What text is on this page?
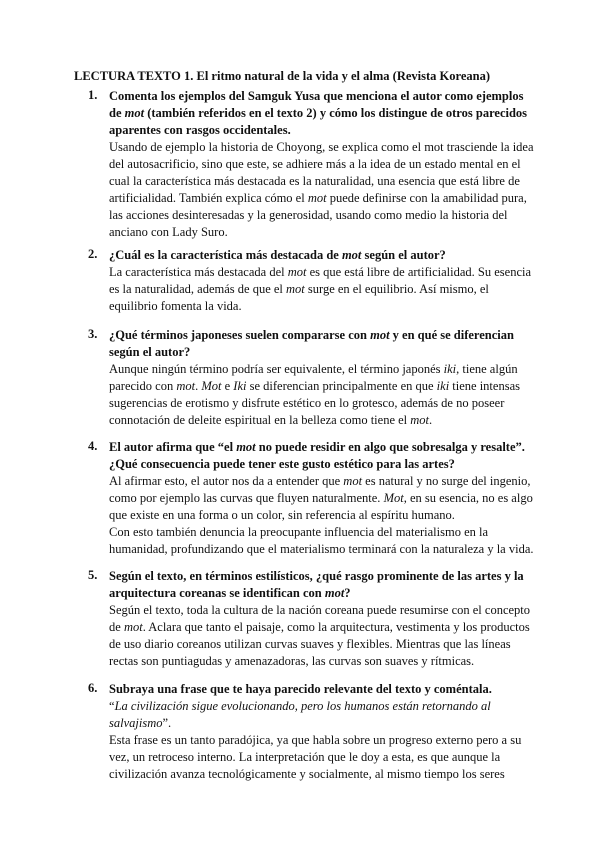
LECTURA TEXTO 1. El ritmo natural de la vida y el alma (Revista Koreana)
1. Comenta los ejemplos del Samguk Yusa que menciona el autor como ejemplos de mot (también referidos en el texto 2) y cómo los distingue de otros parecidos aparentes con rasgos occidentales.

Usando de ejemplo la historia de Choyong, se explica como el mot trasciende la idea del autosacrificio, sino que este, se adhiere más a la idea de un estado mental en el cual la característica más destacada es la naturalidad, una esencia que está libre de artificialidad. También explica cómo el mot puede definirse con la amabilidad pura, las acciones desinteresadas y la generosidad, usando como medio la historia del anciano con Lady Suro.

2. ¿Cuál es la característica más destacada de mot según el autor?

La característica más destacada del mot es que está libre de artificialidad. Su esencia es la naturalidad, además de que el mot surge en el equilibrio. Así mismo, el equilibrio fomenta la vida.

3. ¿Qué términos japoneses suelen compararse con mot y en qué se diferencian según el autor?

Aunque ningún término podría ser equivalente, el término japonés iki, tiene algún parecido con mot. Mot e Iki se diferencian principalmente en que iki tiene intensas sugerencias de erotismo y disfrute estético en lo grotesco, además de no poseer connotación de deleite espiritual en la belleza como tiene el mot.

4. El autor afirma que “el mot no puede residir en algo que sobresalga y resalte”. ¿Qué consecuencia puede tener este gusto estético para las artes?

Al afirmar esto, el autor nos da a entender que mot es natural y no surge del ingenio, como por ejemplo las curvas que fluyen naturalmente. Mot, en su esencia, no es algo que existe en una forma o un color, sin referencia al espíritu humano.

Con esto también denuncia la preocupante influencia del materialismo en la humanidad, profundizando que el materialismo terminará con la naturaleza y la vida.

5. Según el texto, en términos estilísticos, ¿qué rasgo prominente de las artes y la arquitectura coreanas se identifican con mot?

Según el texto, toda la cultura de la nación coreana puede resumirse con el concepto de mot. Aclara que tanto el paisaje, como la arquitectura, vestimenta y los productos de uso diario coreanos utilizan curvas suaves y flexibles. Mientras que las líneas rectas son puntiagudas y amenazadoras, las curvas son suaves y rítmicas.

6. Subraya una frase que te haya parecido relevante del texto y coméntala.

“La civilización sigue evolucionando, pero los humanos están retornando al salvajismo”.

Esta frase es un tanto paradójica, ya que habla sobre un progreso externo pero a su vez, un retroceso interno. La interpretación que le doy a esta, es que aunque la civilización avanza tecnológicamente y socialmente, al mismo tiempo los seres
